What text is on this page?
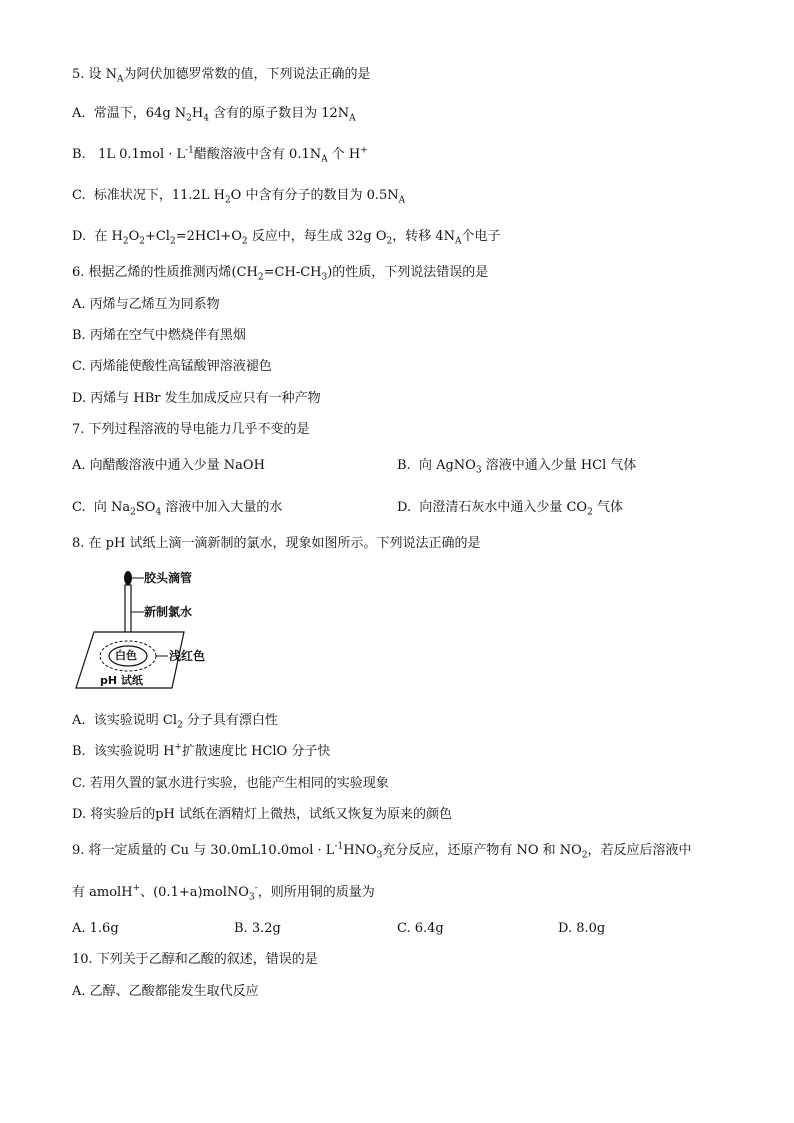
5. 设 $N_A$为阿伏加德罗常数的值，下列说法正确的是
A.  常温下，64g $N_2H_4$ 含有的原子数目为 $12N_A$
B.   1L $0.1mol \cdot L^{-1}$醋酸溶液中含有 $0.1N_A$ 个 H+
C.  标准状况下，11.2L $H_2O$ 中含有分子的数目为 $0.5N_A$
D.  在 $H_2O_2+Cl_2=2HCl+O_2$ 反应中，每生成 32g $O_2$，转移 $4N_A$个电子
6. 根据乙烯的性质推测丙烯$(CH_2=CH-CH_3)$的性质，下列说法错误的是
A. 丙烯与乙烯互为同系物
B. 丙烯在空气中燃烧伴有黑烟
C. 丙烯能使酸性高锰酸钾溶液褪色
D. 丙烯与 HBr 发生加成反应只有一种产物
7. 下列过程溶液的导电能力几乎不变的是
A. 向醋酸溶液中通入少量 NaOH	B.  向 AgNO$_3$ 溶液中通入少量 HCl 气体
C.  向 $Na_2SO_4$ 溶液中加入大量的水	D.  向澄清石灰水中通入少量 $CO_2$ 气体
8. 在 pH 试纸上滴一滴新制的氯水，现象如图所示。下列说法正确的是
胶头滴管
新制氯水
白色	浅红色
pH 试纸
A.  该实验说明 $Cl_2$ 分子具有漂白性
B.  该实验说明 H+扩散速度比 HClO 分子快
C. 若用久置的氯水进行实验，也能产生相同的实验现象
D. 将实验后的pH 试纸在酒精灯上微热，试纸又恢复为原来的颜色
9. 将一定质量的 Cu 与 $30.0mL10.0mol \cdot L^{-1}HNO_3$充分反应，还原产物有 NO 和 $NO_2$，若反应后溶液中
有 amolH+、(0.1+a)molNO$_3$-，则所用铜的质量为
A. 1.6g	B. 3.2g	C. 6.4g	D. 8.0g
10. 下列关于乙醇和乙酸的叙述，错误的是
A. 乙醇、乙酸都能发生取代反应
